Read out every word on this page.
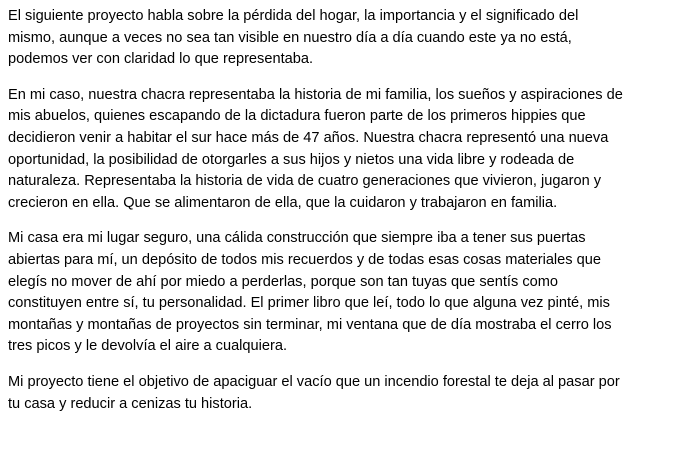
El siguiente proyecto habla sobre la pérdida del hogar, la importancia y el significado del
mismo, aunque a veces no sea tan visible en nuestro día a día cuando este ya no está,
podemos ver con claridad lo que representaba.
En mi caso, nuestra chacra representaba la historia de mi familia, los sueños y aspiraciones de
mis abuelos, quienes escapando de la dictadura fueron parte de los primeros hippies que
decidieron venir a habitar el sur hace más de 47 años. Nuestra chacra representó una nueva
oportunidad, la posibilidad de otorgarles a sus hijos y nietos una vida libre y rodeada de
naturaleza. Representaba la historia de vida de cuatro generaciones que vivieron, jugaron y
crecieron en ella. Que se alimentaron de ella, que la cuidaron y trabajaron en familia.
Mi casa era mi lugar seguro, una cálida construcción que siempre iba a tener sus puertas
abiertas para mí, un depósito de todos mis recuerdos y de todas esas cosas materiales que
elegís no mover de ahí por miedo a perderlas, porque son tan tuyas que sentís como
constituyen entre sí, tu personalidad. El primer libro que leí, todo lo que alguna vez pinté, mis
montañas y montañas de proyectos sin terminar, mi ventana que de día mostraba el cerro los
tres picos y le devolvía el aire a cualquiera.
Mi proyecto tiene el objetivo de apaciguar el vacío que un incendio forestal te deja al pasar por
tu casa y reducir a cenizas tu historia.
